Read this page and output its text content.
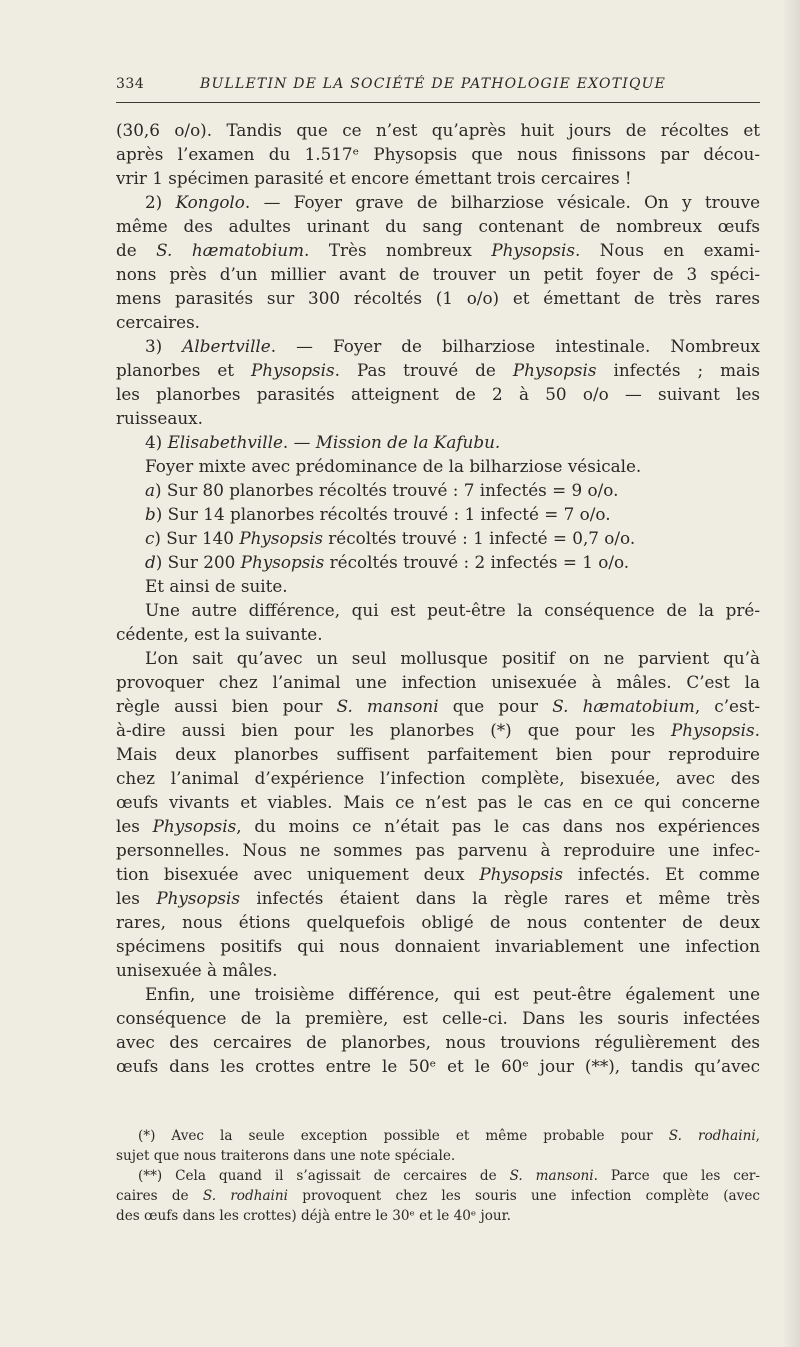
334	BULLETIN DE LA SOCIÉTÉ DE PATHOLOGIE EXOTIQUE
(30,6 o/o). Tandis que ce n’est qu’après huit jours de récoltes et
après l’examen du 1.517ᵉ Physopsis que nous finissons par décou-
vrir 1 spécimen parasité et encore émettant trois cercaires !
2) Kongolo. — Foyer grave de bilharziose vésicale. On y trouve
même des adultes urinant du sang contenant de nombreux œufs
de S. hæmatobium. Très nombreux Physopsis. Nous en exami-
nons près d’un millier avant de trouver un petit foyer de 3 spéci-
mens parasités sur 300 récoltés (1 o/o) et émettant de très rares
cercaires.
3) Albertville. — Foyer de bilharziose intestinale. Nombreux
planorbes et Physopsis. Pas trouvé de Physopsis infectés ; mais
les planorbes parasités atteignent de 2 à 50 o/o — suivant les
ruisseaux.
4) Elisabethville. — Mission de la Kafubu.
Foyer mixte avec prédominance de la bilharziose vésicale.
a) Sur 80 planorbes récoltés trouvé : 7 infectés = 9 o/o.
b) Sur 14 planorbes récoltés trouvé : 1 infecté = 7 o/o.
c) Sur 140 Physopsis récoltés trouvé : 1 infecté = 0,7 o/o.
d) Sur 200 Physopsis récoltés trouvé : 2 infectés = 1 o/o.
Et ainsi de suite.
Une autre différence, qui est peut-être la conséquence de la pré-
cédente, est la suivante.
L’on sait qu’avec un seul mollusque positif on ne parvient qu’à
provoquer chez l’animal une infection unisexuée à mâles. C’est la
règle aussi bien pour S. mansoni que pour S. hæmatobium, c’est-
à-dire aussi bien pour les planorbes (*) que pour les Physopsis.
Mais deux planorbes suffisent parfaitement bien pour reproduire
chez l’animal d’expérience l’infection complète, bisexuée, avec des
œufs vivants et viables. Mais ce n’est pas le cas en ce qui concerne
les Physopsis, du moins ce n’était pas le cas dans nos expériences
personnelles. Nous ne sommes pas parvenu à reproduire une infec-
tion bisexuée avec uniquement deux Physopsis infectés. Et comme
les Physopsis infectés étaient dans la règle rares et même très
rares, nous étions quelquefois obligé de nous contenter de deux
spécimens positifs qui nous donnaient invariablement une infection
unisexuée à mâles.
Enfin, une troisième différence, qui est peut-être également une
conséquence de la première, est celle-ci. Dans les souris infectées
avec des cercaires de planorbes, nous trouvions régulièrement des
œufs dans les crottes entre le 50ᵉ et le 60ᵉ jour (**), tandis qu’avec
(*) Avec la seule exception possible et même probable pour S. rodhaini,
sujet que nous traiterons dans une note spéciale.
(**) Cela quand il s’agissait de cercaires de S. mansoni. Parce que les cer-
caires de S. rodhaini provoquent chez les souris une infection complète (avec
des œufs dans les crottes) déjà entre le 30ᵉ et le 40ᵉ jour.
